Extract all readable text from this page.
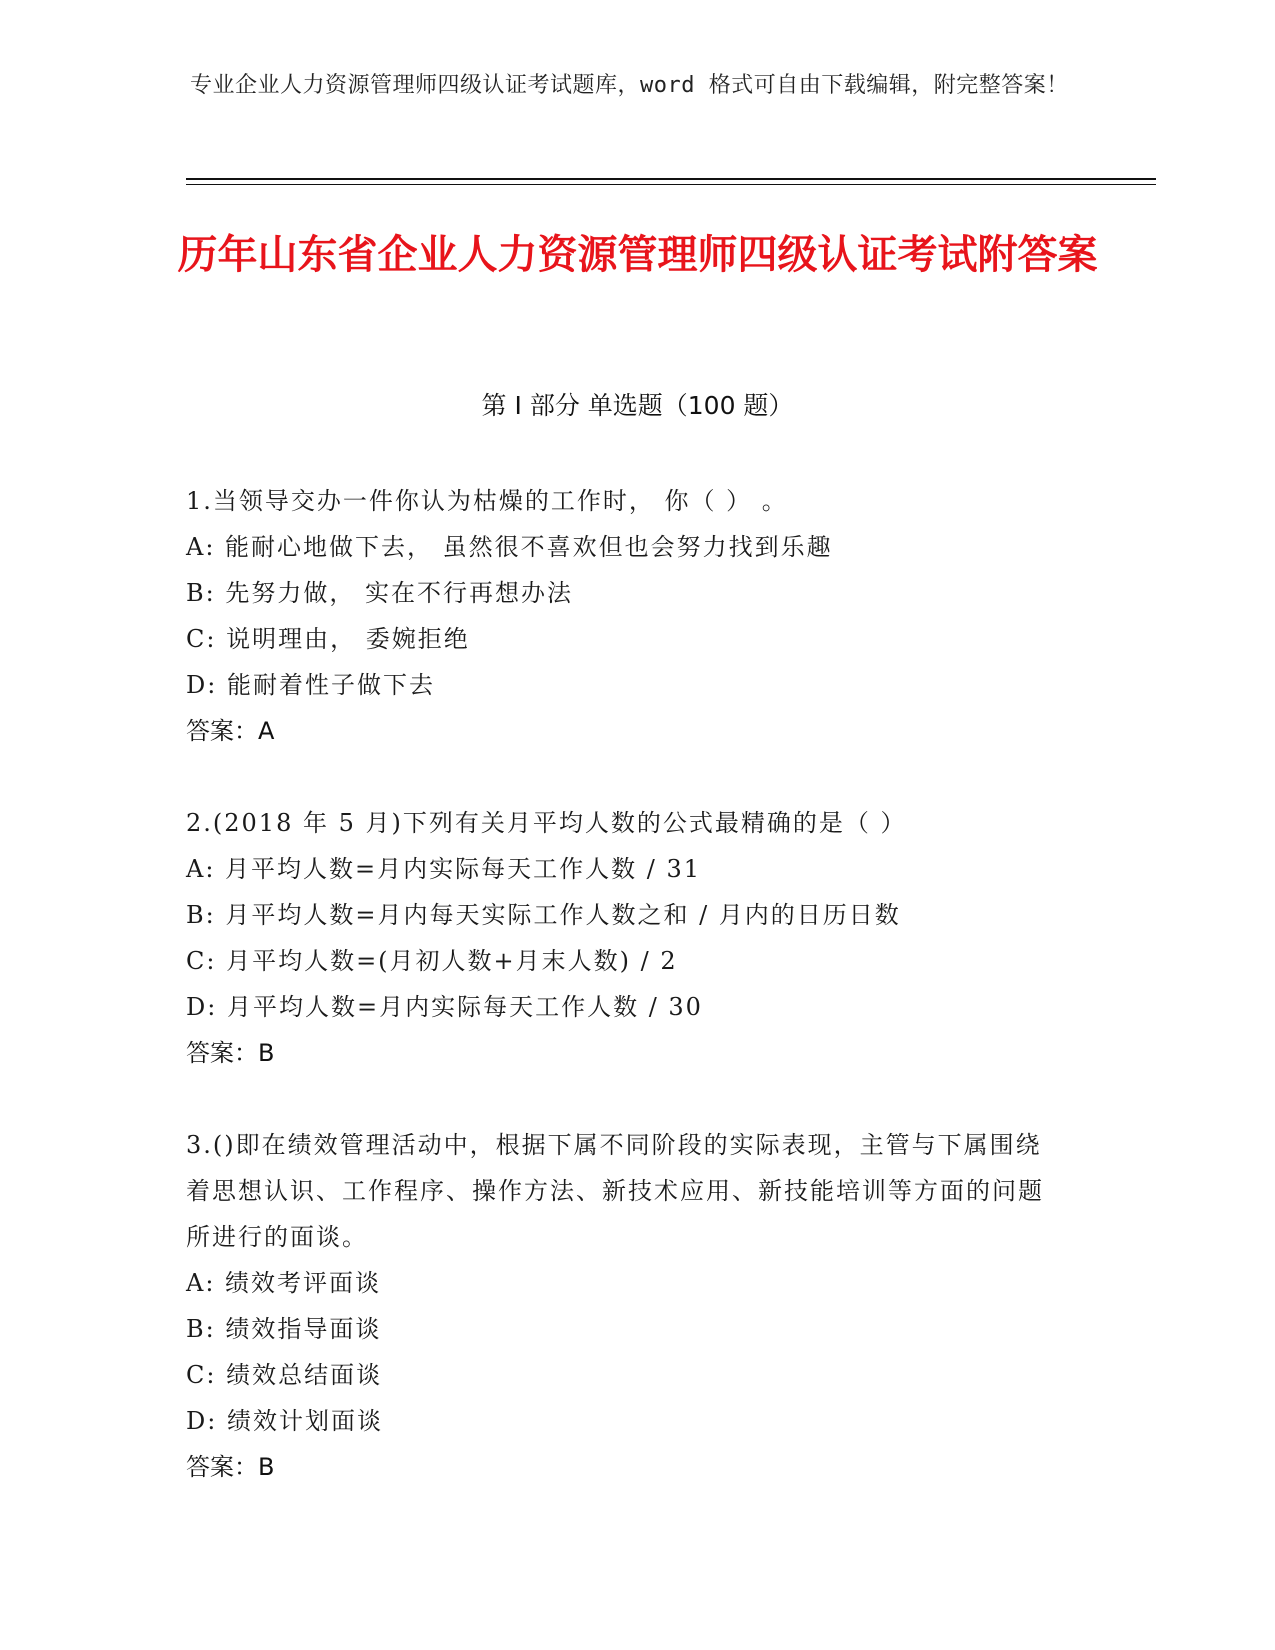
专业企业人力资源管理师四级认证考试题库，word 格式可自由下载编辑，附完整答案！
历年山东省企业人力资源管理师四级认证考试附答案
第 I 部分 单选题（100 题）
1.当领导交办一件你认为枯燥的工作时， 你（ ） 。
A: 能耐心地做下去， 虽然很不喜欢但也会努力找到乐趣
B: 先努力做， 实在不行再想办法
C: 说明理由， 委婉拒绝
D: 能耐着性子做下去
答案：A
2.(2018 年 5 月)下列有关月平均人数的公式最精确的是（ ）
A: 月平均人数=月内实际每天工作人数 / 31
B: 月平均人数=月内每天实际工作人数之和 / 月内的日历日数
C: 月平均人数=(月初人数+月末人数) / 2
D: 月平均人数=月内实际每天工作人数 / 30
答案：B
3.()即在绩效管理活动中，根据下属不同阶段的实际表现，主管与下属围绕着思想认识、工作程序、操作方法、新技术应用、新技能培训等方面的问题所进行的面谈。
A: 绩效考评面谈
B: 绩效指导面谈
C: 绩效总结面谈
D: 绩效计划面谈
答案：B
